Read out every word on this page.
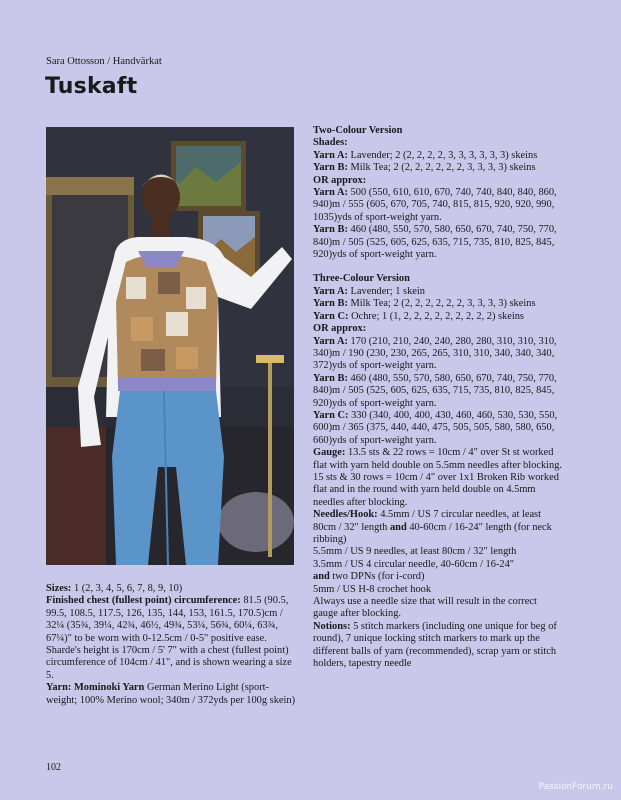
Sara Ottosson / Handvärkat
Tuskaft

Sizes: 1 (2, 3, 4, 5, 6, 7, 8, 9, 10)

Finished chest (fullest point) circumference: 81.5 (90.5, 99.5, 108.5, 117.5, 126, 135, 144, 153, 161.5, 170.5)cm / 32¼ (35¾, 39¼, 42¾, 46½, 49¾, 53¼, 56¾, 60¼, 63¾, 67¼)" to be worn with 0-12.5cm / 0-5" positive ease. Sharde's height is 170cm / 5' 7" with a chest (fullest point) circumference of 104cm / 41", and is shown wearing a size 5.

Yarn: Mominoki Yarn German Merino Light (sport-weight; 100% Merino wool; 340m / 372yds per 100g skein)

Two-Colour Version

Shades:

Yarn A: Lavender; 2 (2, 2, 2, 2, 3, 3, 3, 3, 3, 3) skeins

Yarn B: Milk Tea; 2 (2, 2, 2, 2, 2, 2, 3, 3, 3, 3) skeins

OR approx:

Yarn A: 500 (550, 610, 610, 670, 740, 740, 840, 840, 860, 940)m / 555 (605, 670, 705, 740, 815, 815, 920, 920, 990, 1035)yds of sport-weight yarn.

Yarn B: 460 (480, 550, 570, 580, 650, 670, 740, 750, 770, 840)m / 505 (525, 605, 625, 635, 715, 735, 810, 825, 845, 920)yds of sport-weight yarn.

Three-Colour Version

Yarn A: Lavender; 1 skein

Yarn B: Milk Tea; 2 (2, 2, 2, 2, 2, 2, 3, 3, 3, 3) skeins

Yarn C: Ochre; 1 (1, 2, 2, 2, 2, 2, 2, 2, 2, 2) skeins

OR approx:

Yarn A: 170 (210, 210, 240, 240, 280, 280, 310, 310, 310, 340)m / 190 (230, 230, 265, 265, 310, 310, 340, 340, 340, 372)yds of sport-weight yarn.

Yarn B: 460 (480, 550, 570, 580, 650, 670, 740, 750, 770, 840)m / 505 (525, 605, 625, 635, 715, 735, 810, 825, 845, 920)yds of sport-weight yarn.

Yarn C: 330 (340, 400, 400, 430, 460, 460, 530, 530, 550, 600)m / 365 (375, 440, 440, 475, 505, 505, 580, 580, 650, 660)yds of sport-weight yarn.

Gauge: 13.5 sts & 22 rows = 10cm / 4" over St st worked flat with yarn held double on 5.5mm needles after blocking.

15 sts & 30 rows = 10cm / 4" over 1x1 Broken Rib worked flat and in the round with yarn held double on 4.5mm needles after blocking.

Needles/Hook: 4.5mm / US 7 circular needles, at least 80cm / 32" length and 40-60cm / 16-24" length (for neck ribbing)

5.5mm / US 9 needles, at least 80cm / 32" length

3.5mm / US 4 circular needle, 40-60cm / 16-24"

and two DPNs (for i-cord)

5mm / US H-8 crochet hook

Always use a needle size that will result in the correct gauge after blocking.

Notions: 5 stitch markers (including one unique for beg of round), 7 unique locking stitch markers to mark up the different balls of yarn (recommended), scrap yarn or stitch holders, tapestry needle

102
PassionForum.ru
